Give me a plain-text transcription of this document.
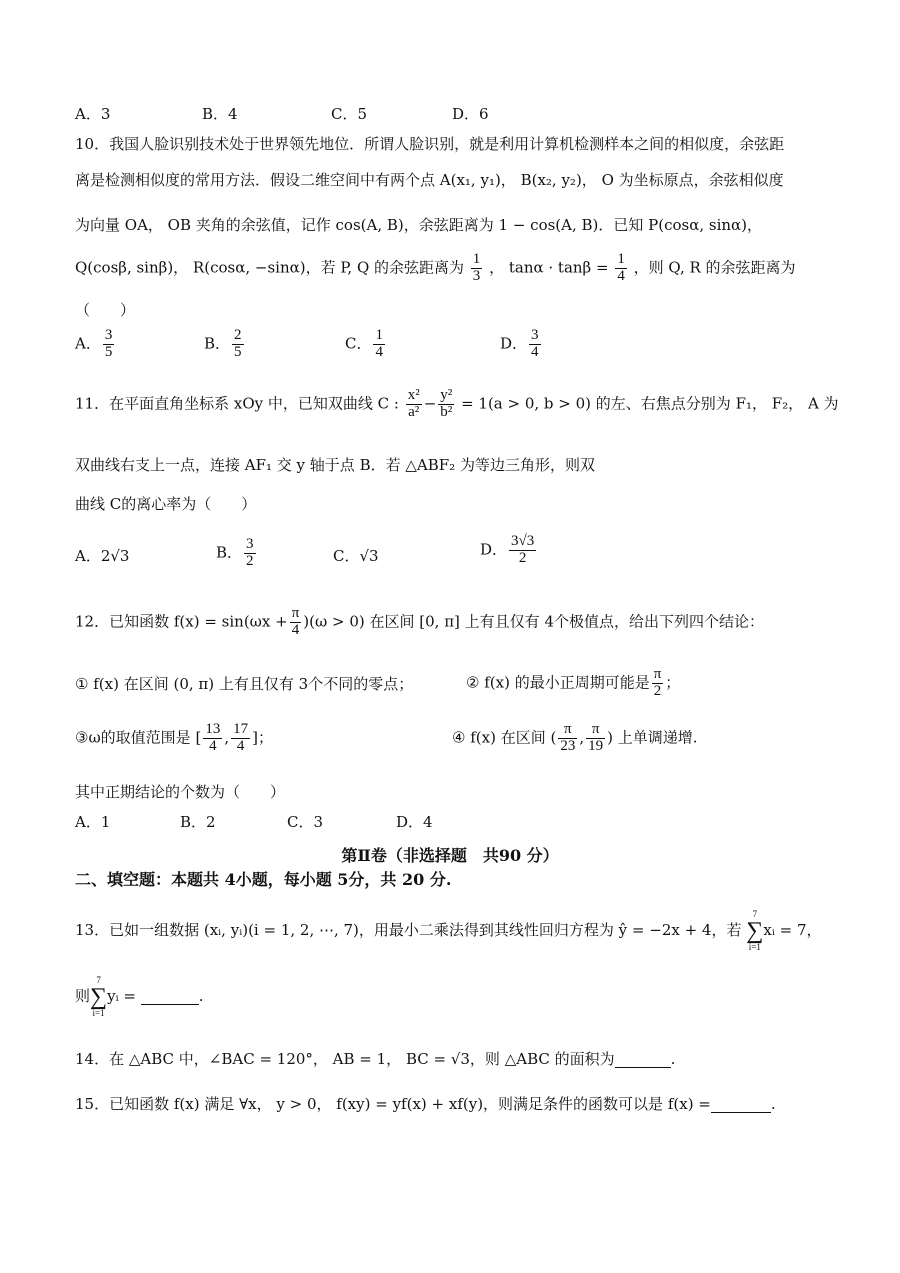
A．3	B．4	C．5	D．6
10．我国人脸识别技术处于世界领先地位．所谓人脸识别，就是利用计算机检测样本之间的相似度，余弦距
离是检测相似度的常用方法．假设二维空间中有两个点 A(x₁, y₁)， B(x₂, y₂)， O 为坐标原点，余弦相似度
为向量 OA， OB 夹角的余弦值，记作 cos(A, B)，余弦距离为 1 − cos(A, B)．已知 P(cosα, sinα)，
Q(cosβ, sinβ)， R(cosα, −sinα)，若 P, Q 的余弦距离为 $\frac{1}{3}$ ， $\tan\alpha \cdot \tan\beta = \frac{1}{4}$ ，则 Q, R 的余弦距离为
（　　）
A． $\frac{3}{5}$	B． $\frac{2}{5}$	C． $\frac{1}{4}$	D． $\frac{3}{4}$
11．在平面直角坐标系 xOy 中，已知双曲线 C : $\frac{\text{x²}}{\text{a²}} - \frac{\text{y²}}{\text{b²}} = 1(a > 0$, b > 0) 的左、右焦点分别为 F₁， F₂， A 为
双曲线右支上一点，连接 AF₁ 交 y 轴于点 B．若 △ABF₂ 为等边三角形，则双
曲线 C的离心率为（　　）
A．2√3	B． $\frac{3}{2}$	C．√3	D． $\frac{3√3}{2}$
12．已知函数 $f(x) = \sin(\omega x + \frac{\pi}{4} )(\omega > 0)$ 在区间 [0, π] 上有且仅有 4个极值点，给出下列四个结论：
① f(x) 在区间 (0, π) 上有且仅有 3个不同的零点；	② f(x) 的最小正周期可能是 $\frac{\pi}{2}$ ；
③ω的取值范围是 [ $\frac{13}{4}$ , $\frac{17}{4}$ ]；	④ f(x) 在区间 ( $\frac{\pi}{23}$ , $\frac{\pi}{19}$ ) 上单调递增.
其中正期结论的个数为（　　）
A．1	B．2	C．3	D．4
第Ⅱ卷（非选择题　共90 分）
二、填空题：本题共 4小题，每小题 5分，共 20 分.
13．已如一组数据 (xᵢ, yᵢ)(i = 1, 2, ⋯, 7)，用最小二乘法得到其线性回归方程为 ŷ = −2x + 4，若
7
∑
i=1
xᵢ = 7，
则
7
∑
i=1
yᵢ =	.
14．在 △ABC 中，∠BAC = 120°， AB = 1， BC = √3，则 △ABC 的面积为	.
15．已知函数 f(x) 满足 ∀x， y > 0， f(xy) = yf(x) + xf(y)，则满足条件的函数可以是 f(x) =	.
